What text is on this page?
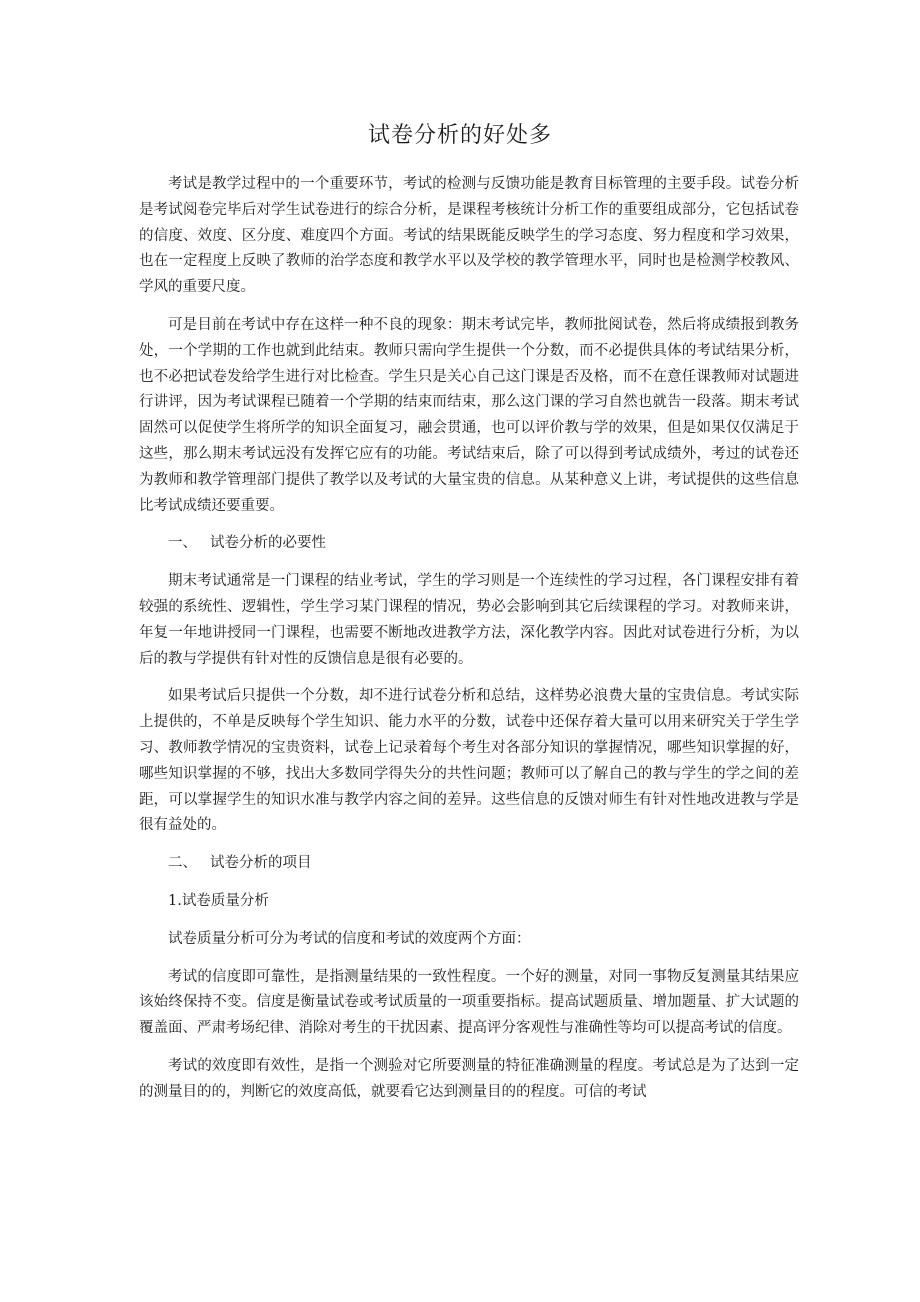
试卷分析的好处多

考试是教学过程中的一个重要环节，考试的检测与反馈功能是教育目标管理的主要手段。试卷分析是考试阅卷完毕后对学生试卷进行的综合分析，是课程考核统计分析工作的重要组成部分，它包括试卷的信度、效度、区分度、难度四个方面。考试的结果既能反映学生的学习态度、努力程度和学习效果，也在一定程度上反映了教师的治学态度和教学水平以及学校的教学管理水平，同时也是检测学校教风、学风的重要尺度。

可是目前在考试中存在这样一种不良的现象：期末考试完毕，教师批阅试卷，然后将成绩报到教务处，一个学期的工作也就到此结束。教师只需向学生提供一个分数，而不必提供具体的考试结果分析，也不必把试卷发给学生进行对比检查。学生只是关心自己这门课是否及格，而不在意任课教师对试题进行讲评，因为考试课程已随着一个学期的结束而结束，那么这门课的学习自然也就告一段落。期末考试固然可以促使学生将所学的知识全面复习，融会贯通，也可以评价教与学的效果，但是如果仅仅满足于这些，那么期末考试远没有发挥它应有的功能。考试结束后，除了可以得到考试成绩外，考过的试卷还为教师和教学管理部门提供了教学以及考试的大量宝贵的信息。从某种意义上讲，考试提供的这些信息比考试成绩还要重要。

一、 试卷分析的必要性

期末考试通常是一门课程的结业考试，学生的学习则是一个连续性的学习过程，各门课程安排有着较强的系统性、逻辑性，学生学习某门课程的情况，势必会影响到其它后续课程的学习。对教师来讲，年复一年地讲授同一门课程，也需要不断地改进教学方法，深化教学内容。因此对试卷进行分析，为以后的教与学提供有针对性的反馈信息是很有必要的。

如果考试后只提供一个分数，却不进行试卷分析和总结，这样势必浪费大量的宝贵信息。考试实际上提供的，不单是反映每个学生知识、能力水平的分数，试卷中还保存着大量可以用来研究关于学生学习、教师教学情况的宝贵资料，试卷上记录着每个考生对各部分知识的掌握情况，哪些知识掌握的好，哪些知识掌握的不够，找出大多数同学得失分的共性问题；教师可以了解自己的教与学生的学之间的差距，可以掌握学生的知识水准与教学内容之间的差异。这些信息的反馈对师生有针对性地改进教与学是很有益处的。

二、 试卷分析的项目

1.试卷质量分析

试卷质量分析可分为考试的信度和考试的效度两个方面：

考试的信度即可靠性，是指测量结果的一致性程度。一个好的测量，对同一事物反复测量其结果应该始终保持不变。信度是衡量试卷或考试质量的一项重要指标。提高试题质量、增加题量、扩大试题的覆盖面、严肃考场纪律、消除对考生的干扰因素、提高评分客观性与准确性等均可以提高考试的信度。

考试的效度即有效性，是指一个测验对它所要测量的特征准确测量的程度。考试总是为了达到一定的测量目的的，判断它的效度高低，就要看它达到测量目的的程度。可信的考试
